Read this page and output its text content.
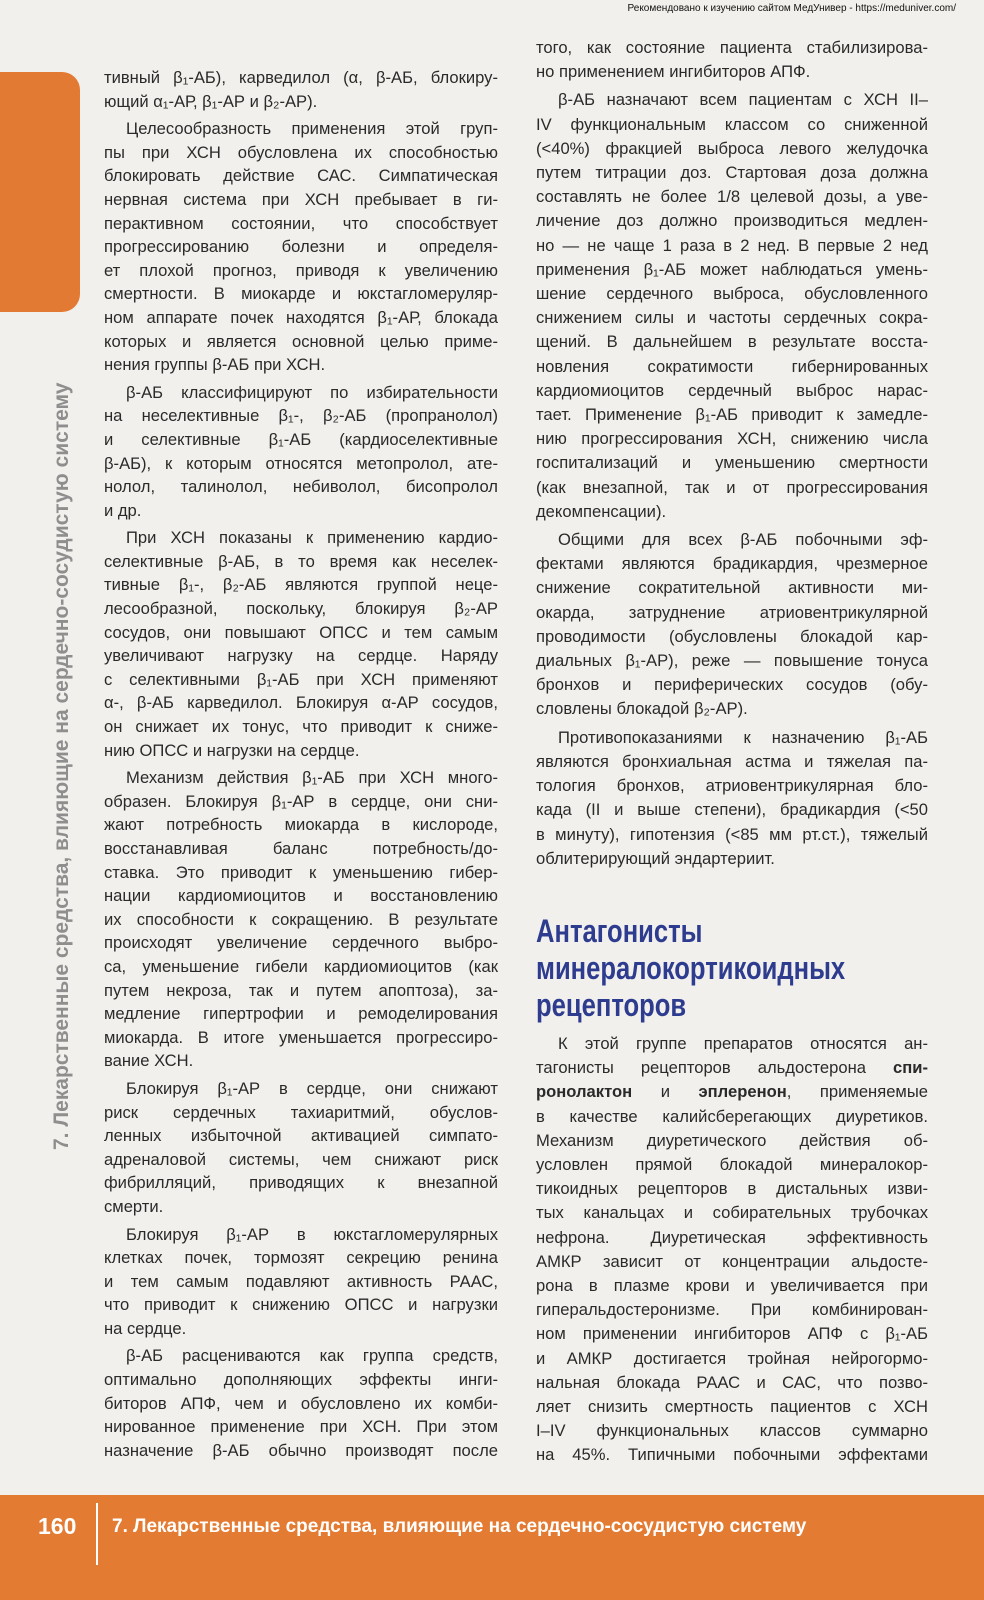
Рекомендовано к изучению сайтом МедУнивер - https://meduniver.com/
7. Лекарственные средства, влияющие на сердечно-сосудистую систему
тивный β₁-АБ), карведилол (α, β-АБ, блокиру-
ющий α₁-АР, β₁-АР и β₂-АР).
Целесообразность применения этой груп-
пы при ХСН обусловлена их способностью
блокировать действие САС. Симпатическая
нервная система при ХСН пребывает в ги-
перактивном состоянии, что способствует
прогрессированию болезни и определя-
ет плохой прогноз, приводя к увеличению
смертности. В миокарде и юкстагломеруляр-
ном аппарате почек находятся β₁-АР, блокада
которых и является основной целью приме-
нения группы β-АБ при ХСН.
β-АБ классифицируют по избирательности
на неселективные β₁-, β₂-АБ (пропранолол)
и селективные β₁-АБ (кардиоселективные
β-АБ), к которым относятся метопролол, ате-
нолол, талинолол, небиволол, бисопролол
и др.
При ХСН показаны к применению кардио-
селективные β-АБ, в то время как неселек-
тивные β₁-, β₂-АБ являются группой неце-
лесообразной, поскольку, блокируя β₂-АР
сосудов, они повышают ОПСС и тем самым
увеличивают нагрузку на сердце. Наряду
с селективными β₁-АБ при ХСН применяют
α-, β-АБ карведилол. Блокируя α-АР сосудов,
он снижает их тонус, что приводит к сниже-
нию ОПСС и нагрузки на сердце.
Механизм действия β₁-АБ при ХСН много-
образен. Блокируя β₁-АР в сердце, они сни-
жают потребность миокарда в кислороде,
восстанавливая баланс потребность/до-
ставка. Это приводит к уменьшению гибер-
нации кардиомиоцитов и восстановлению
их способности к сокращению. В результате
происходят увеличение сердечного выбро-
са, уменьшение гибели кардиомиоцитов (как
путем некроза, так и путем апоптоза), за-
медление гипертрофии и ремоделирования
миокарда. В итоге уменьшается прогрессиро-
вание ХСН.
Блокируя β₁-АР в сердце, они снижают
риск сердечных тахиаритмий, обуслов-
ленных избыточной активацией симпато-
адреналовой системы, чем снижают риск
фибрилляций, приводящих к внезапной
смерти.
Блокируя β₁-АР в юкстагломерулярных
клетках почек, тормозят секрецию ренина
и тем самым подавляют активность РААС,
что приводит к снижению ОПСС и нагрузки
на сердце.
β-АБ расцениваются как группа средств,
оптимально дополняющих эффекты инги-
биторов АПФ, чем и обусловлено их комби-
нированное применение при ХСН. При этом
назначение β-АБ обычно производят после
того, как состояние пациента стабилизирова-
но применением ингибиторов АПФ.
β-АБ назначают всем пациентам с ХСН II–
IV функциональным классом со сниженной
(<40%) фракцией выброса левого желудочка
путем титрации доз. Стартовая доза должна
составлять не более 1/8 целевой дозы, а уве-
личение доз должно производиться медлен-
но — не чаще 1 раза в 2 нед. В первые 2 нед
применения β₁-АБ может наблюдаться умень-
шение сердечного выброса, обусловленного
снижением силы и частоты сердечных сокра-
щений. В дальнейшем в результате восста-
новления сократимости гибернированных
кардиомиоцитов сердечный выброс нарас-
тает. Применение β₁-АБ приводит к замедле-
нию прогрессирования ХСН, снижению числа
госпитализаций и уменьшению смертности
(как внезапной, так и от прогрессирования
декомпенсации).
Общими для всех β-АБ побочными эф-
фектами являются брадикардия, чрезмерное
снижение сократительной активности ми-
окарда, затруднение атриовентрикулярной
проводимости (обусловлены блокадой кар-
диальных β₁-АР), реже — повышение тонуса
бронхов и периферических сосудов (обу-
словлены блокадой β₂-АР).
Противопоказаниями к назначению β₁-АБ
являются бронхиальная астма и тяжелая па-
тология бронхов, атриовентрикулярная бло-
када (II и выше степени), брадикардия (<50
в минуту), гипотензия (<85 мм рт.ст.), тяжелый
облитерирующий эндартериит.
Антагонисты
минералокортикоидных
рецепторов
К этой группе препаратов относятся ан-
тагонисты рецепторов альдостерона спи-
ронолактон и эплеренон, применяемые
в качестве калийсберегающих диуретиков.
Механизм диуретического действия об-
условлен прямой блокадой минералокор-
тикоидных рецепторов в дистальных изви-
тых канальцах и собирательных трубочках
нефрона. Диуретическая эффективность
АМКР зависит от концентрации альдосте-
рона в плазме крови и увеличивается при
гиперальдостеронизме. При комбинирован-
ном применении ингибиторов АПФ с β₁-АБ
и АМКР достигается тройная нейрогормо-
нальная блокада РААС и САС, что позво-
ляет снизить смертность пациентов с ХСН
I–IV функциональных классов суммарно
на 45%. Типичными побочными эффектами
160 7. Лекарственные средства, влияющие на сердечно-сосудистую систему
